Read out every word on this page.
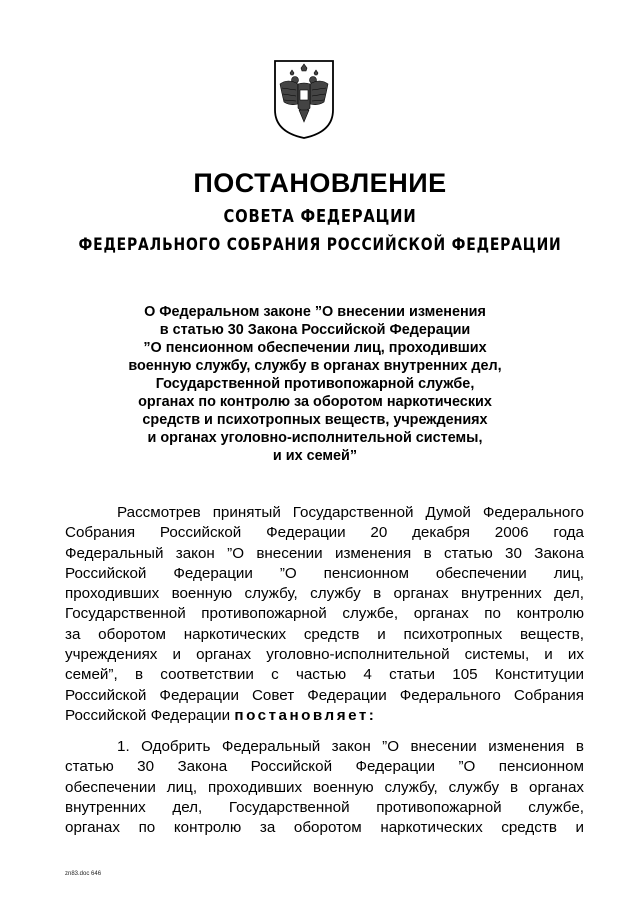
ПОСТАНОВЛЕНИЕ
СОВЕТА ФЕДЕРАЦИИ
ФЕДЕРАЛЬНОГО СОБРАНИЯ РОССИЙСКОЙ ФЕДЕРАЦИИ
О Федеральном законе ”О внесении изменения
в статью 30 Закона Российской Федерации
”О пенсионном обеспечении лиц, проходивших
военную службу, службу в органах внутренних дел,
Государственной противопожарной службе,
органах по контролю за оборотом наркотических
средств и психотропных веществ, учреждениях
и органах уголовно-исполнительной системы,
и их семей”
Рассмотрев принятый Государственной Думой Федерального
Собрания Российской Федерации 20 декабря 2006 года
Федеральный закон ”О внесении изменения в статью 30 Закона
Российской Федерации ”О пенсионном обеспечении лиц,
проходивших военную службу, службу в органах внутренних дел,
Государственной противопожарной службе, органах по контролю
за оборотом наркотических средств и психотропных веществ,
учреждениях и органах уголовно-исполнительной системы, и их
семей”, в соответствии с частью 4 статьи 105 Конституции
Российской Федерации Совет Федерации Федерального Собрания
Российской Федерации постановляет:
1. Одобрить Федеральный закон ”О внесении изменения в
статью 30 Закона Российской Федерации ”О пенсионном
обеспечении лиц, проходивших военную службу, службу в органах
внутренних дел, Государственной противопожарной службе,
органах по контролю за оборотом наркотических средств и
zn83.doc 646
